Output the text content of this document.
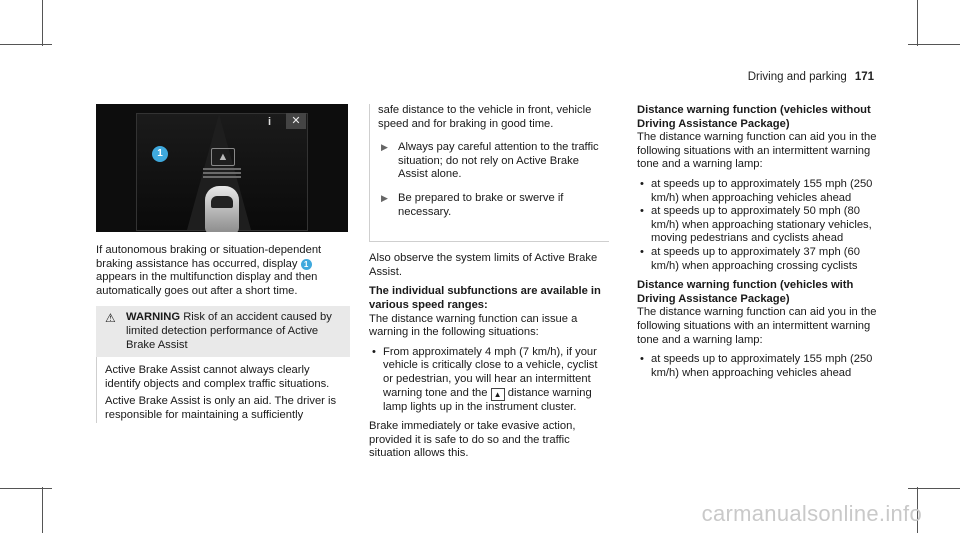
Driving and parking 171
▲
1
i	✕

If autonomous braking or situation-dependent braking assistance has occurred, display 1 appears in the multifunction display and then automatically goes out after a short time.

⚠ WARNING Risk of an accident caused by limited detection performance of Active Brake Assist

Active Brake Assist cannot always clearly identify objects and complex traffic situations.

Active Brake Assist is only an aid. The driver is responsible for maintaining a sufficiently

safe distance to the vehicle in front, vehicle speed and for braking in good time.

▶ Always pay careful attention to the traffic situation; do not rely on Active Brake Assist alone.

▶ Be prepared to brake or swerve if necessary.

Also observe the system limits of Active Brake Assist.

The individual subfunctions are available in various speed ranges:

The distance warning function can issue a warning in the following situations:

• From approximately 4 mph (7 km/h), if your vehicle is critically close to a vehicle, cyclist or pedestrian, you will hear an intermittent warning tone and the ▲ distance warning lamp lights up in the instrument cluster.

Brake immediately or take evasive action, provided it is safe to do so and the traffic situation allows this.

Distance warning function (vehicles without Driving Assistance Package)

The distance warning function can aid you in the following situations with an intermittent warning tone and a warning lamp:

• at speeds up to approximately 155 mph (250 km/h) when approaching vehicles ahead
• at speeds up to approximately 50 mph (80 km/h) when approaching stationary vehicles, moving pedestrians and cyclists ahead
• at speeds up to approximately 37 mph (60 km/h) when approaching crossing cyclists

Distance warning function (vehicles with Driving Assistance Package)

The distance warning function can aid you in the following situations with an intermittent warning tone and a warning lamp:

• at speeds up to approximately 155 mph (250 km/h) when approaching vehicles ahead
carmanualsonline.info
